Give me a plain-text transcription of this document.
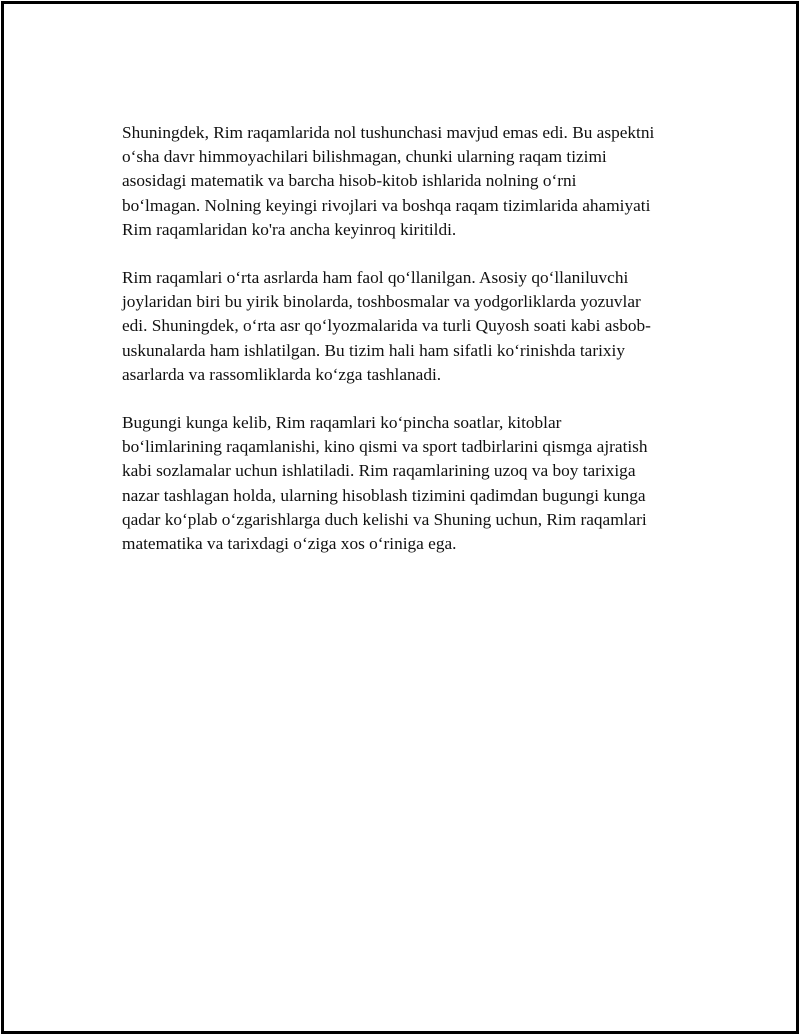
Shuningdek, Rim raqamlarida nol tushunchasi mavjud emas edi. Bu aspektni
o‘sha davr himmoyachilari bilishmagan, chunki ularning raqam tizimi
asosidagi matematik va barcha hisob-kitob ishlarida nolning o‘rni
bo‘lmagan. Nolning keyingi rivojlari va boshqa raqam tizimlarida ahamiyati
Rim raqamlaridan ko'ra ancha keyinroq kiritildi.

Rim raqamlari o‘rta asrlarda ham faol qo‘llanilgan. Asosiy qo‘llaniluvchi
joylaridan biri bu yirik binolarda, toshbosmalar va yodgorliklarda yozuvlar
edi. Shuningdek, o‘rta asr qo‘lyozmalarida va turli Quyosh soati kabi asbob-
uskunalarda ham ishlatilgan. Bu tizim hali ham sifatli ko‘rinishda tarixiy
asarlarda va rassomliklarda ko‘zga tashlanadi.

Bugungi kunga kelib, Rim raqamlari ko‘pincha soatlar, kitoblar
bo‘limlarining raqamlanishi, kino qismi va sport tadbirlarini qismga ajratish
kabi sozlamalar uchun ishlatiladi. Rim raqamlarining uzoq va boy tarixiga
nazar tashlagan holda, ularning hisoblash tizimini qadimdan bugungi kunga
qadar ko‘plab o‘zgarishlarga duch kelishi va Shuning uchun, Rim raqamlari
matematika va tarixdagi o‘ziga xos o‘riniga ega.
